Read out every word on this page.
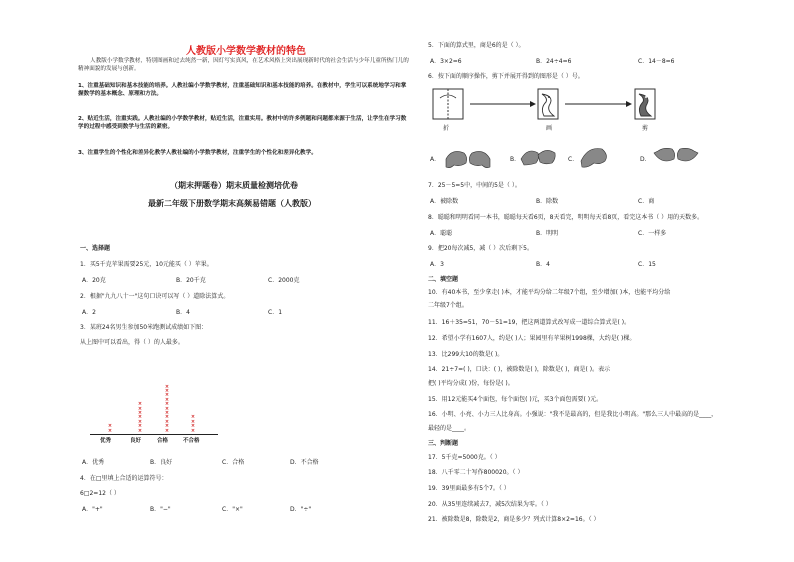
人教版小学数学教材的特色
人教版小学数学教材，特别图画和过去纯然一新，因灯写实真风，在艺术风格上突出展现新时代的社会生活与少年儿童所热门儿的精神面貌的发展与创新。
1、注重基础知识和基本技能的培养。人教社编小学数学教材，注重基础知识和基本技能的培养。在教材中，学生可以系统地学习和掌握数学的基本概念、原理和方法。
2、贴近生活，注重实践。人教社编的小学数学教材，贴近生活，注重实用。教材中的许多例题和问题都来源于生活，让学生在学习数学的过程中感受到数学与生活的紧密。
3、注重学生的个性化和差异化教学人教社编的小学数学教材，注重学生的个性化和差异化教学。
（期末押题卷）期末质量检测培优卷
最新二年级下册数学期末高频易错题（人教版）
一、选择题
1．买5千克苹果需要25元，10元能买（ ）苹果。
A．20克	B．20千克	C．2000克
2．根据"九九八十一"这句口诀可以写（ ）道除法算式。
A．2	B．4	C．1
3．某班24名男生参加50米跑测试成绩如下图：
从上图中可以看出，得（ ）的人最多。
×
×
优秀
×
×
×
×
×
×
×
良好
×
×
×
×
×
×
×
×
×
×
×
合格
×
×
×
×
不合格
A．优秀	B．良好	C．合格	D．不合格
4．在□里填上合适的运算符号：
6□2=12（ ）
A．"+"	B．"−"	C．"×"	D．"÷"
5．下面的算式里，商是6的是（ ）。
A．3×2=6	B．24÷4=6	C．14－8=6
6．按下面的顺序操作，剪下并展开得到的图形是（ ）号。
折	画	剪
A．	B．	C．	D．
7．25－5=5中，中间的5是（ ）。
A．被除数	B．除数	C．商
8．聪聪和明明看同一本书，聪聪每天看6页，8天看完，明明每天看8页，看完这本书（ ）用的天数多。
A．聪聪	B．明明	C．一样多
9．把20每次减5，减（ ）次后剩下5。
A．3	B．4	C．15
二、填空题
10．有40本书，至少拿走( )本，才能平均分给二年级7个组，至少增加( )本，也能平均分给
二年级7个组。
11．16＋35=51，70－51=19，把这两道算式改写成一道综合算式是( )。
12．希望小学有1607人，约是( )人；果园里有苹果树1998棵，大约是( )棵。
13．比299大10的数是( )。
14．21÷7=( )，口诀：( )，被除数是( )，除数是( )，商是( )。表示
把( )平均分成( )份，每份是( )。
15．用12元能买4个面包，每个面包( )元，买3个面包需要( )元。
16．小明、小亮、小力三人比身高。小强说："我不是最高的，但是我比小明高。"那么三人中最高的是____，
最轻的是____。
三、判断题
17．5千克=5000克。（ ）
18．八千零二十写作800020。（ ）
19．39里面最多有5个7。（ ）
20．从35里连续减去7，减5次结果为零。（ ）
21．被除数是8，除数是2，商是多少？列式计算8×2=16。（ ）
